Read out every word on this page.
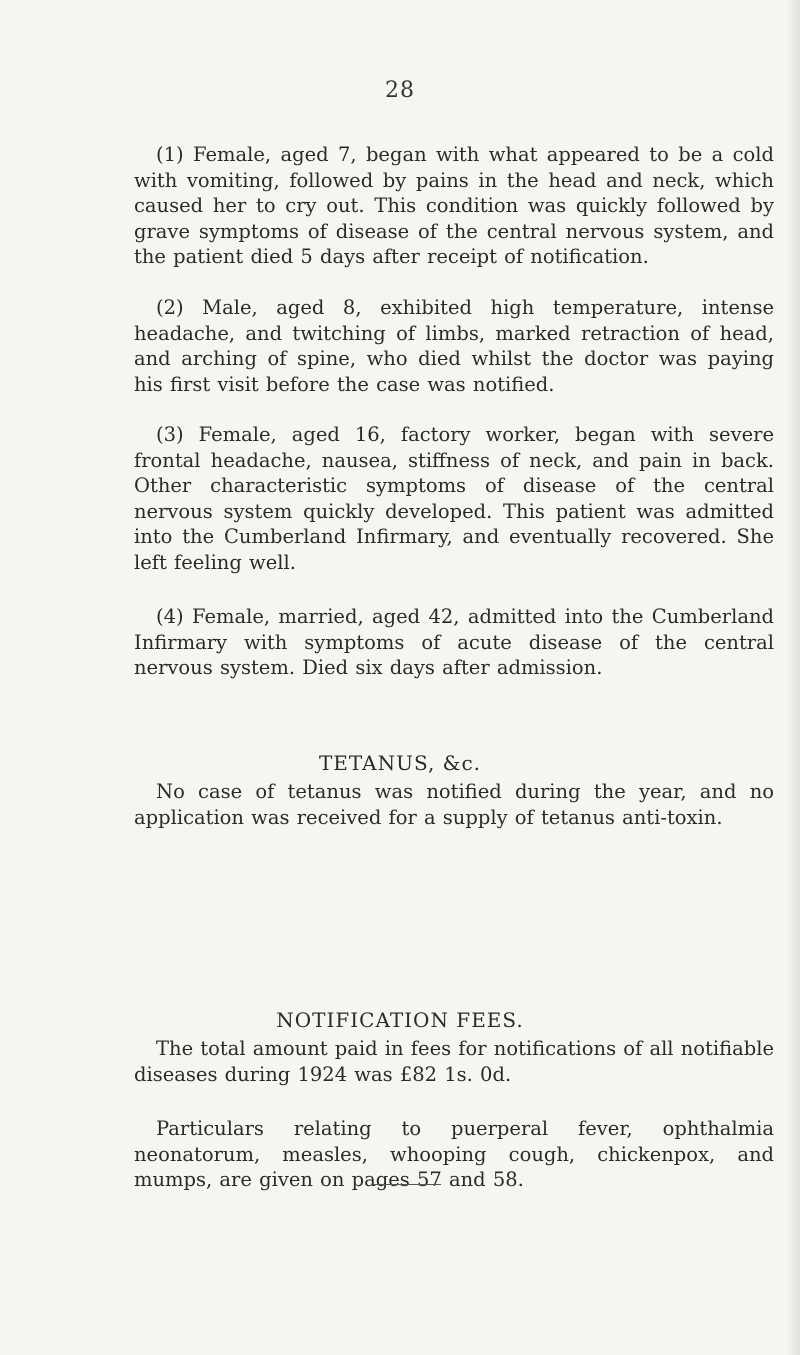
28

(1) Female, aged 7, began with what appeared to be a cold with vomiting, followed by pains in the head and neck, which caused her to cry out. This condition was quickly followed by grave symptoms of disease of the central nervous system, and the patient died 5 days after receipt of notification.

(2) Male, aged 8, exhibited high temperature, intense headache, and twitching of limbs, marked retraction of head, and arching of spine, who died whilst the doctor was paying his first visit before the case was notified.

(3) Female, aged 16, factory worker, began with severe frontal headache, nausea, stiffness of neck, and pain in back. Other characteristic symptoms of disease of the central nervous system quickly developed. This patient was admitted into the Cumberland Infirmary, and eventually recovered. She left feeling well.

(4) Female, married, aged 42, admitted into the Cumberland Infirmary with symptoms of acute disease of the central nervous system. Died six days after admission.

TETANUS, &c.

No case of tetanus was notified during the year, and no application was received for a supply of tetanus anti-toxin.

NOTIFICATION FEES.

The total amount paid in fees for notifications of all notifiable diseases during 1924 was £82 1s. 0d.

Particulars relating to puerperal fever, ophthalmia neonatorum, measles, whooping cough, chickenpox, and mumps, are given on pages 57 and 58.
